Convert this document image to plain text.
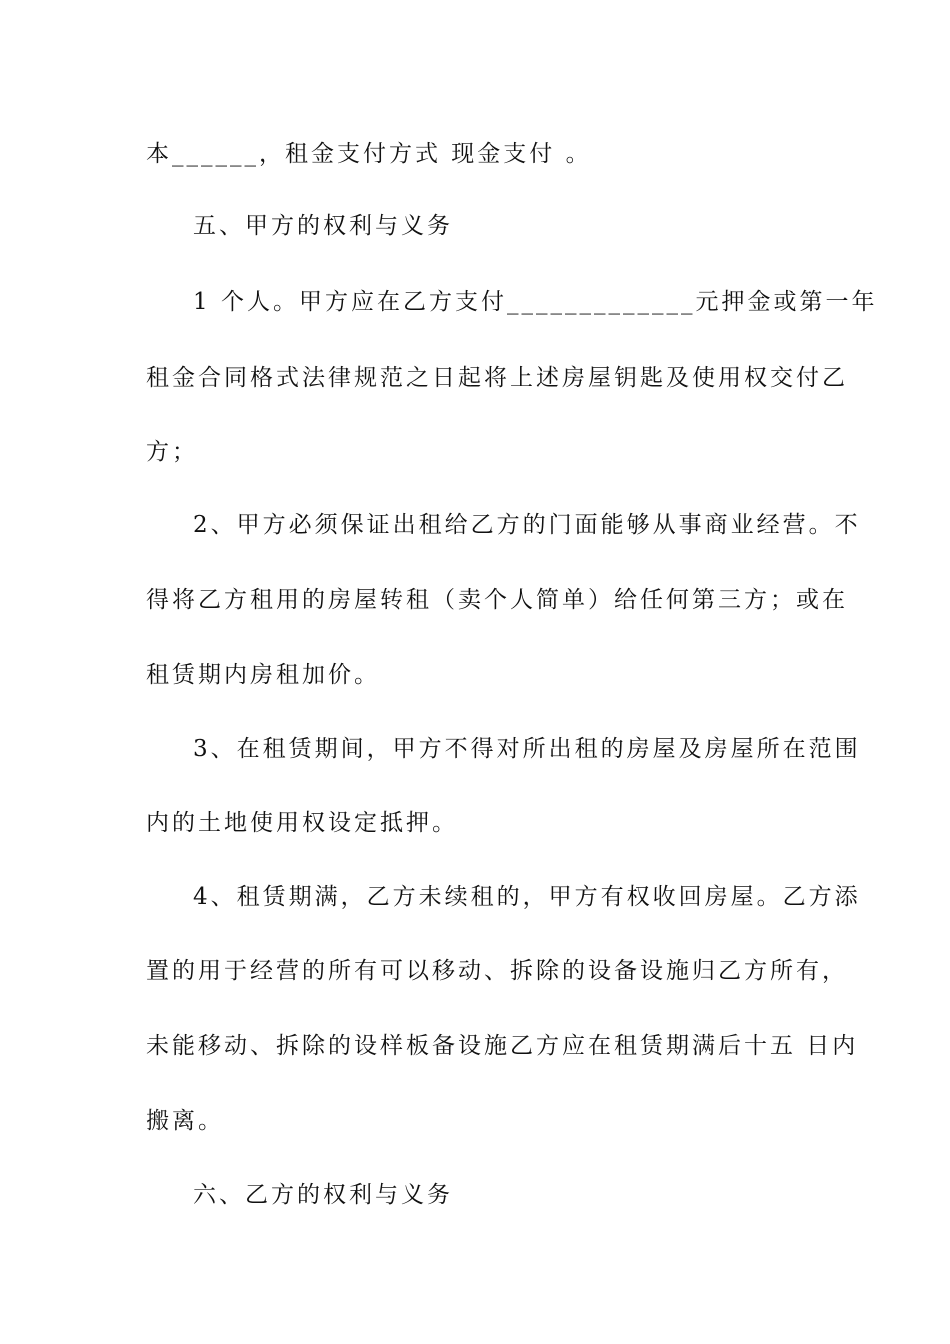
本______，租金支付方式 现金支付 。
五、甲方的权利与义务
1 个人。甲方应在乙方支付_____________元押金或第一年
租金合同格式法律规范之日起将上述房屋钥匙及使用权交付乙
方；
2、甲方必须保证出租给乙方的门面能够从事商业经营。不
得将乙方租用的房屋转租（卖个人简单）给任何第三方；或在
租赁期内房租加价。
3、在租赁期间，甲方不得对所出租的房屋及房屋所在范围
内的土地使用权设定抵押。
4、租赁期满，乙方未续租的，甲方有权收回房屋。乙方添
置的用于经营的所有可以移动、拆除的设备设施归乙方所有，
未能移动、拆除的设样板备设施乙方应在租赁期满后十五 日内
搬离。
六、乙方的权利与义务
